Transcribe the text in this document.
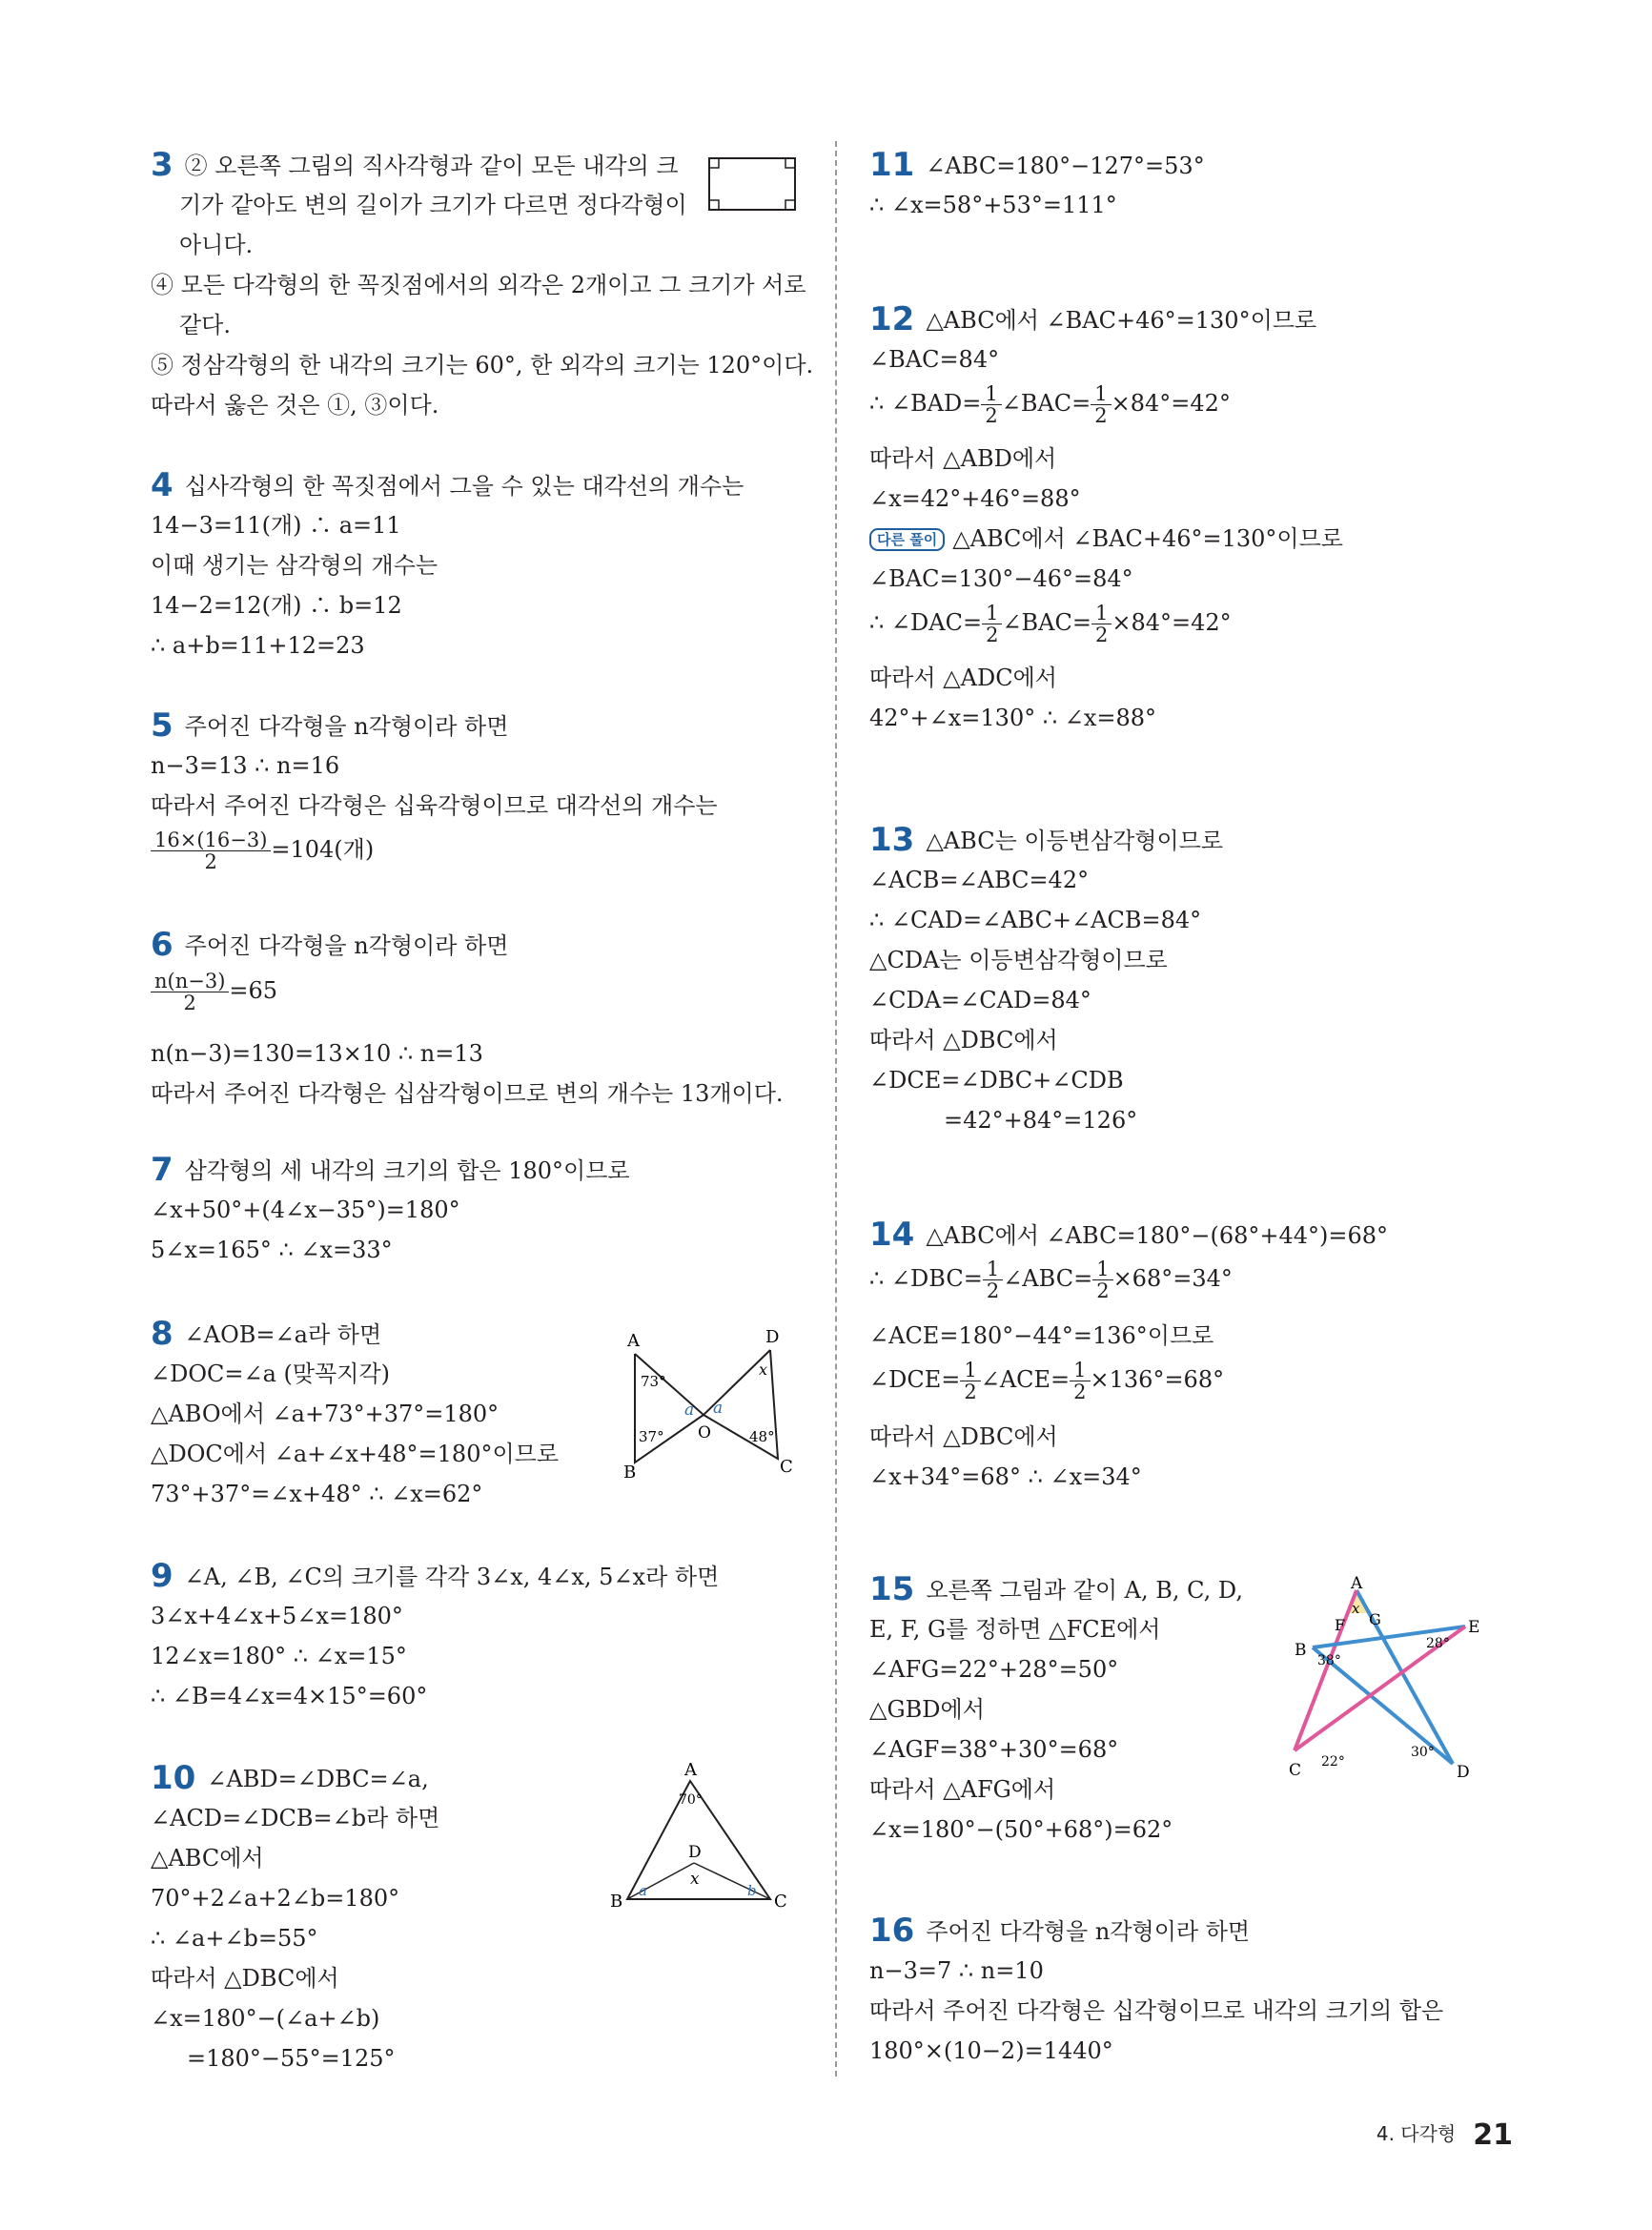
3 ② 오른쪽 그림의 직사각형과 같이 모든 내각의 크
기가 같아도 변의 길이가 크기가 다르면 정다각형이
아니다.
④ 모든 다각형의 한 꼭짓점에서의 외각은 2개이고 그 크기가 서로
같다.
⑤ 정삼각형의 한 내각의 크기는 60°, 한 외각의 크기는 120°이다.
따라서 옳은 것은 ①, ③이다.
4 십사각형의 한 꼭짓점에서 그을 수 있는 대각선의 개수는
14−3=11(개) ∴ a=11
이때 생기는 삼각형의 개수는
14−2=12(개) ∴ b=12
∴ a+b=11+12=23
5 주어진 다각형을 n각형이라 하면
n−3=13 ∴ n=16
따라서 주어진 다각형은 십육각형이므로 대각선의 개수는
$\frac{16\times(16-3)}{2} =104$(개)
6 주어진 다각형을 n각형이라 하면
$\frac{n(n-3)}{2} =65$
n(n−3)=130=13×10 ∴ n=13
따라서 주어진 다각형은 십삼각형이므로 변의 개수는 13개이다.
7 삼각형의 세 내각의 크기의 합은 180°이므로
∠x+50°+(4∠x−35°)=180°
5∠x=165° ∴ ∠x=33°
8 ∠AOB=∠a라 하면
∠DOC=∠a (맞꼭지각)
△ABO에서 ∠a+73°+37°=180°
△DOC에서 ∠a+∠x+48°=180°이므로
73°+37°=∠x+48° ∴ ∠x=62°
A
B	C
D
O
a a
x
73°
37°	48°
9 ∠A, ∠B, ∠C의 크기를 각각 3∠x, 4∠x, 5∠x라 하면
3∠x+4∠x+5∠x=180°
12∠x=180° ∴ ∠x=15°
∴ ∠B=4∠x=4×15°=60°
10 ∠ABD=∠DBC=∠a,
∠ACD=∠DCB=∠b라 하면
△ABC에서
70°+2∠a+2∠b=180°
∴ ∠a+∠b=55°
따라서 △DBC에서
∠x=180°−(∠a+∠b)
=180°−55°=125°
A
B	C
D
70°
x
a	b
11 ∠ABC=180°−127°=53°
∴ ∠x=58°+53°=111°
12 △ABC에서 ∠BAC+46°=130°이므로
∠BAC=84°
∴ ∠BAD= $\frac{1}{2}$ ∠BAC= $\frac{1}{2} \times 84^\circ=42^\circ$
따라서 △ABD에서
∠x=42°+46°=88°
다른 풀이 △ABC에서 ∠BAC+46°=130°이므로
∠BAC=130°−46°=84°
∴ ∠DAC= $\frac{1}{2}$ ∠BAC= $\frac{1}{2} \times 84^\circ=42^\circ$
따라서 △ADC에서
42°+∠x=130° ∴ ∠x=88°
13 △ABC는 이등변삼각형이므로
∠ACB=∠ABC=42°
∴ ∠CAD=∠ABC+∠ACB=84°
△CDA는 이등변삼각형이므로
∠CDA=∠CAD=84°
따라서 △DBC에서
∠DCE=∠DBC+∠CDB
=42°+84°=126°
14 △ABC에서 ∠ABC=180°−(68°+44°)=68°
∴ ∠DBC= $\frac{1}{2}$ ∠ABC= $\frac{1}{2} \times 68^\circ=34^\circ$
∠ACE=180°−44°=136°이므로
∠DCE= $\frac{1}{2}$ ∠ACE= $\frac{1}{2} \times 136^\circ=68^\circ$
따라서 △DBC에서
∠x+34°=68° ∴ ∠x=34°
15 오른쪽 그림과 같이 A, B, C, D,
E, F, G를 정하면 △FCE에서
∠AFG=22°+28°=50°
△GBD에서
∠AGF=38°+30°=68°
따라서 △AFG에서
∠x=180°−(50°+68°)=62°
A
B
C	D
E
F G
x
38°
28°
22°
30°
16 주어진 다각형을 n각형이라 하면
n−3=7 ∴ n=10
따라서 주어진 다각형은 십각형이므로 내각의 크기의 합은
180°×(10−2)=1440°
4. 다각형 21
